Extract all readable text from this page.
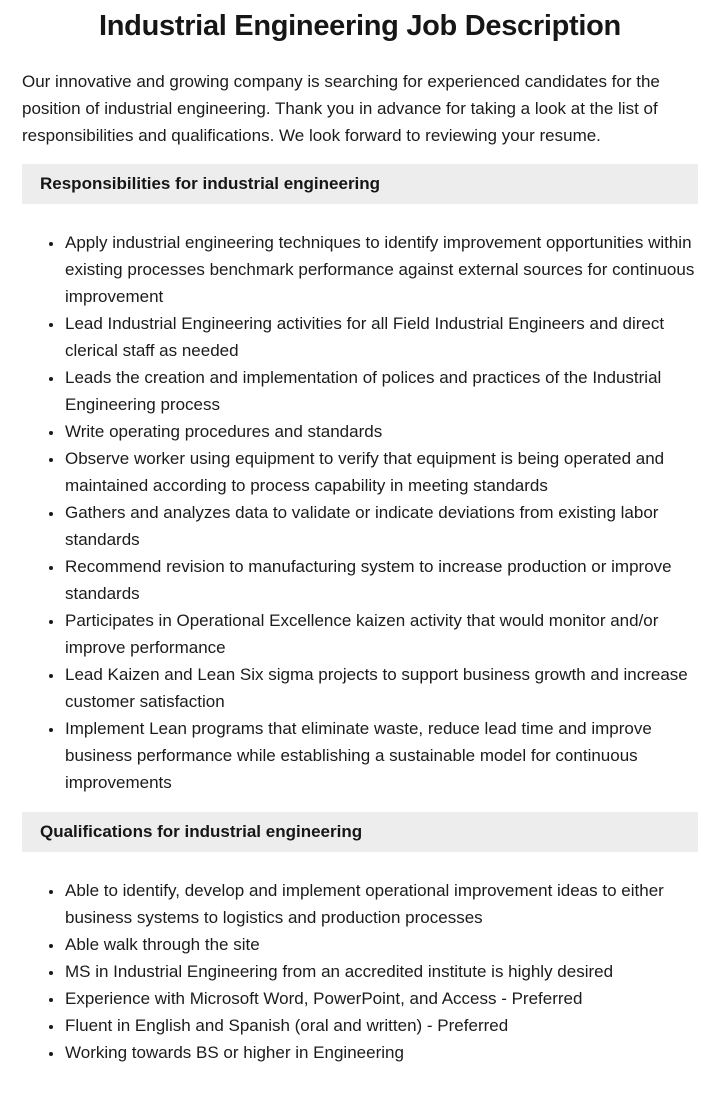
Industrial Engineering Job Description

Our innovative and growing company is searching for experienced candidates for the position of industrial engineering. Thank you in advance for taking a look at the list of responsibilities and qualifications. We look forward to reviewing your resume.

Responsibilities for industrial engineering
• Apply industrial engineering techniques to identify improvement opportunities within existing processes benchmark performance against external sources for continuous improvement
• Lead Industrial Engineering activities for all Field Industrial Engineers and direct clerical staff as needed
• Leads the creation and implementation of polices and practices of the Industrial Engineering process
• Write operating procedures and standards
• Observe worker using equipment to verify that equipment is being operated and maintained according to process capability in meeting standards
• Gathers and analyzes data to validate or indicate deviations from existing labor standards
• Recommend revision to manufacturing system to increase production or improve standards
• Participates in Operational Excellence kaizen activity that would monitor and/or improve performance
• Lead Kaizen and Lean Six sigma projects to support business growth and increase customer satisfaction
• Implement Lean programs that eliminate waste, reduce lead time and improve business performance while establishing a sustainable model for continuous improvements
Qualifications for industrial engineering
• Able to identify, develop and implement operational improvement ideas to either business systems to logistics and production processes
• Able walk through the site
• MS in Industrial Engineering from an accredited institute is highly desired
• Experience with Microsoft Word, PowerPoint, and Access - Preferred
• Fluent in English and Spanish (oral and written) - Preferred
• Working towards BS or higher in Engineering
